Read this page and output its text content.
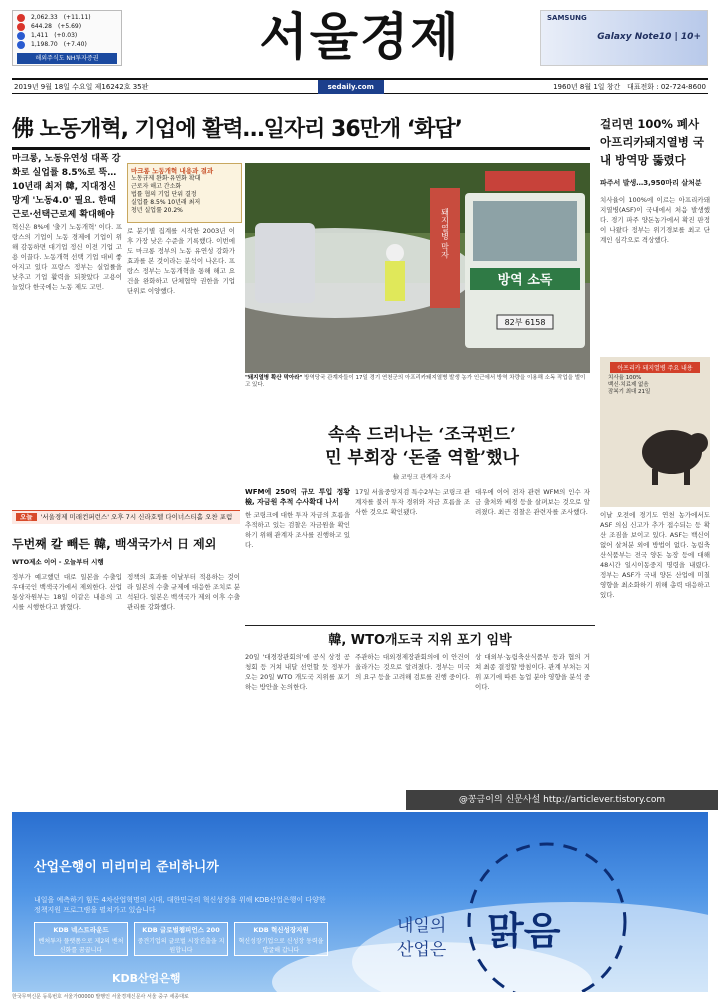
2,062.33 (+11.11)
644.28 (+5.69)
1,411 (+0.03)
1,198.70 (+7.40)
해외주식도 NH투자증권	서울경제	SAMSUNG
Galaxy Note10 | 10+
2019년 9월 18일 수요일 제16242호 35판	sedaily.com	1960년 8월 1일 창간 대표전화 : 02-724-8600
佛 노동개혁, 기업에 활력…일자리 36만개 ‘화답’
마크롱, 노동유연성 대폭 강화로 실업률 8.5%로 뚝… 10년래 최저 韓, 지대정신 망게 '노동4.0' 필요. 한때 근로·선택근로제 확대해야
혁신은 8%에 '출기 노동개혁' 이다. 프랑스의 기업이 노동 경제에 기업이 위해 감동하면 대기업 정신 이전 기업 고용 이끌다. 노동개혁 선택 기업 대비 좋아지고 있다 프랑스 정부는 실업률을 낮추고 기업 활력을 되찾았다 고용이 늘었다 한국에는 노동 제도 고민.
마크롱 노동개혁 내용과 결과
노동규제 완화·유연화 확대
근로자 해고 간소화
법률 협의 기업 단위 결정
실업률 8.5% 10년래 최저
청년 실업률 20.2%
로 분기별 집계를 시작한 2003년 이후 가장 낮은 수준을 기록했다. 이번에도 마크롱 정부의 노동 유연성 강화가 효과를 본 것이라는 분석이 나온다. 프랑스 정부는 노동개혁을 통해 해고 요건을 완화하고 단체협약 권한을 기업 단위로 이양했다.
돼지열병 막자
방역 소독
82부 6158
"돼지열병 확산 막아라" 방역당국 관계자들이 17일 경기 연천군의 아프리카돼지열병 발생 농가 인근에서 방역 차량을 이용해 소독 작업을 벌이고 있다.
속속 드러나는 ‘조국펀드’
민 부회장 ‘돈줄 역할’했나
檢 코링크 관계자 조사
WFM에 250억 규모 투입 정황 檢, 자금원 추적 수사확대 나서
한 코링크에 대한 투자 자금의 흐름을 추적하고 있는 검찰은 자금원을 확인하기 위해 관계자 조사를 진행하고 있다.
17일 서울중앙지검 특수2부는 코링크 관계자를 불러 투자 경위와 자금 흐름을 조사한 것으로 확인됐다.
대우에 이어 전자 관련 WFM의 인수 자금 출처와 배경 등을 살펴보는 것으로 알려졌다. 최근 검찰은 관련자를 조사했다.
걸리면 100% 폐사 아프리카돼지열병 국내 방역망 뚫렸다
파주서 발생…3,950마리 살처분
치사율이 100%에 이르는 아프리카돼지열병(ASF)이 국내에서 처음 발생했다. 경기 파주 양돈농가에서 확진 판정이 나왔다 정부는 위기경보를 최고 단계인 심각으로 격상했다.
아프리카 돼지열병 주요 내용
치사율 100%
백신·치료제 없음
잠복기 최대 21일
이날 오전에 경기도 연천 농가에서도 ASF 의심 신고가 추가 접수되는 등 확산 조짐을 보이고 있다. ASF는 백신이 없어 살처분 외에 방법이 없다. 농림축산식품부는 전국 양돈 농장 등에 대해 48시간 일시이동중지 명령을 내렸다. 정부는 ASF가 국내 양돈 산업에 미칠 영향을 최소화하기 위해 총력 대응하고 있다.
오늘 '서울경제 미래컨퍼런스' 오후 7시 신라호텔 다이너스티홀 오찬 포럼
두번째 칼 빼든 韓, 백색국가서 日 제외
WTO제소 이어 - 오늘부터 시행
정부가 예고했던 대로 일본을 수출입 우대국인 백색국가에서 제외한다. 산업통상자원부는 18일 이같은 내용의 고시를 시행한다고 밝혔다.
정책의 효과를 이날부터 적용하는 것이라 일본의 수출 규제에 대응한 조치로 분석된다. 일본은 백색국가 제외 이후 수출 관리를 강화했다.
韓, WTO개도국 지위 포기 임박
20일 '대경장관회의'에 공식 상정 공청회 등 거쳐 내달 선언할 듯 정부가 오는 20일 WTO 개도국 지위를 포기하는 방안을 논의한다.
주관하는 대외경제장관회의에 이 안건이 올라가는 것으로 알려졌다. 정부는 미국의 요구 등을 고려해 검토를 진행 중이다.
상 대외부·농림축산식품부 등과 협의 거쳐 최종 결정할 방침이다. 관계 부처는 지위 포기에 따른 농업 분야 영향을 분석 중이다.
@꽁금이의 신문사설 http://articlever.tistory.com
산업은행이 미리미리 준비하니까
내일을 예측하기 힘든 4차산업혁명의 시대, 대한민국의 혁신성장을 위해 KDB산업은행이 다양한 정책지원 프로그램을 펼쳐가고 있습니다
KDB 넥스트라운드
벤처투자 플랫폼으로 제2의 벤처신화를 꿈꿉니다
KDB 글로벌챔피언스 200
중견기업의 글로벌 시장진출을 지원합니다
KDB 혁신성장지원
혁신성장기업으로 신성장 동력을 발굴해 갑니다
KDB산업은행
내일의
산업은 맑음
한국무역신문 등록번호 서울가00000 발행인 서울경제신문사 서울 중구 세종대로
